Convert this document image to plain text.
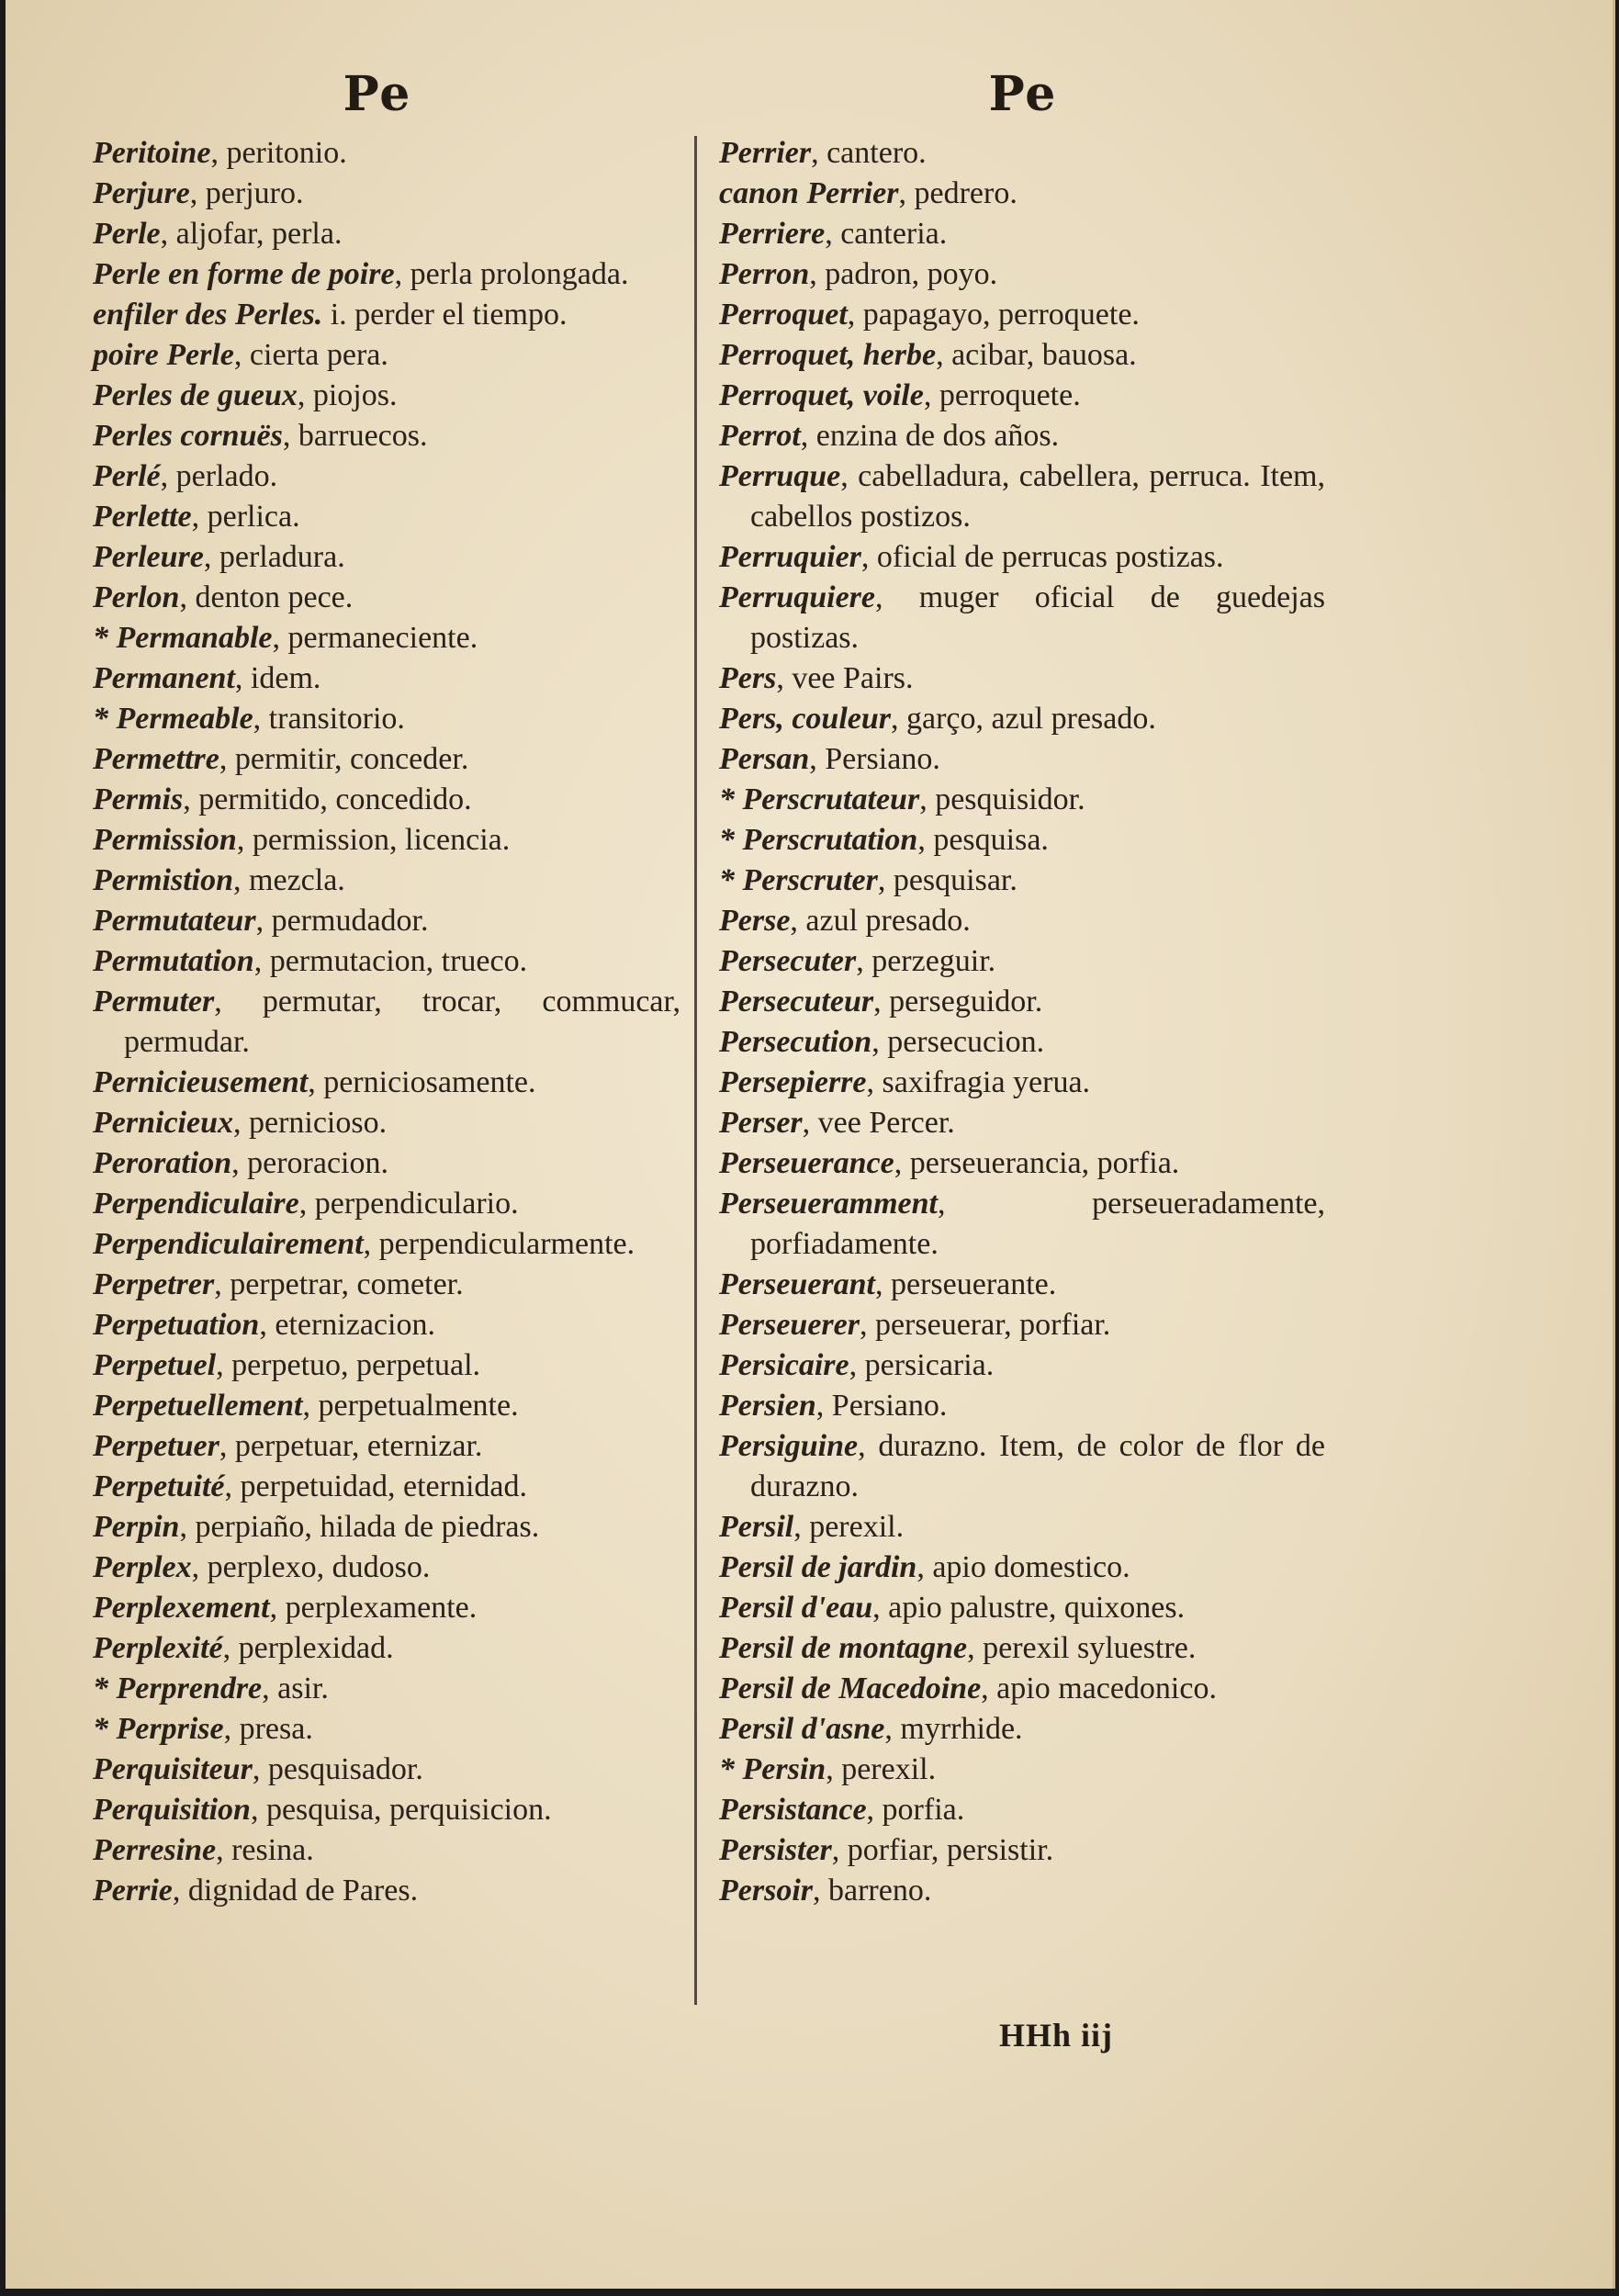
Pe	Pe
Peritoine, peritonio.
Perjure, perjuro.
Perle, aljofar, perla.
Perle en forme de poire, perla prolongada.
enfiler des Perles. i. perder el tiempo.
poire Perle, cierta pera.
Perles de gueux, piojos.
Perles cornuës, barruecos.
Perlé, perlado.
Perlette, perlica.
Perleure, perladura.
Perlon, denton pece.
* Permanable, permaneciente.
Permanent, idem.
* Permeable, transitorio.
Permettre, permitir, conceder.
Permis, permitido, concedido.
Permission, permission, licencia.
Permistion, mezcla.
Permutateur, permudador.
Permutation, permutacion, trueco.
Permuter, permutar, trocar, commucar, permudar.
Pernicieusement, perniciosamente.
Pernicieux, pernicioso.
Peroration, peroracion.
Perpendiculaire, perpendiculario.
Perpendiculairement, perpendicularmente.
Perpetrer, perpetrar, cometer.
Perpetuation, eternizacion.
Perpetuel, perpetuo, perpetual.
Perpetuellement, perpetualmente.
Perpetuer, perpetuar, eternizar.
Perpetuité, perpetuidad, eternidad.
Perpin, perpiaño, hilada de piedras.
Perplex, perplexo, dudoso.
Perplexement, perplexamente.
Perplexité, perplexidad.
* Perprendre, asir.
* Perprise, presa.
Perquisiteur, pesquisador.
Perquisition, pesquisa, perquisicion.
Perresine, resina.
Perrie, dignidad de Pares.
Perrier, cantero.
canon Perrier, pedrero.
Perriere, canteria.
Perron, padron, poyo.
Perroquet, papagayo, perroquete.
Perroquet, herbe, acibar, bauosa.
Perroquet, voile, perroquete.
Perrot, enzina de dos años.
Perruque, cabelladura, cabellera, perruca. Item, cabellos postizos.
Perruquier, oficial de perrucas postizas.
Perruquiere, muger oficial de guedejas postizas.
Pers, vee Pairs.
Pers, couleur, garço, azul presado.
Persan, Persiano.
* Perscrutateur, pesquisidor.
* Perscrutation, pesquisa.
* Perscruter, pesquisar.
Perse, azul presado.
Persecuter, perzeguir.
Persecuteur, perseguidor.
Persecution, persecucion.
Persepierre, saxifragia yerua.
Perser, vee Percer.
Perseuerance, perseuerancia, porfia.
Perseueramment, perseueradamente, porfiadamente.
Perseuerant, perseuerante.
Perseuerer, perseuerar, porfiar.
Persicaire, persicaria.
Persien, Persiano.
Persiguine, durazno. Item, de color de flor de durazno.
Persil, perexil.
Persil de jardin, apio domestico.
Persil d'eau, apio palustre, quixones.
Persil de montagne, perexil syluestre.
Persil de Macedoine, apio macedonico.
Persil d'asne, myrrhide.
* Persin, perexil.
Persistance, porfia.
Persister, porfiar, persistir.
Persoir, barreno.
HHh iij
